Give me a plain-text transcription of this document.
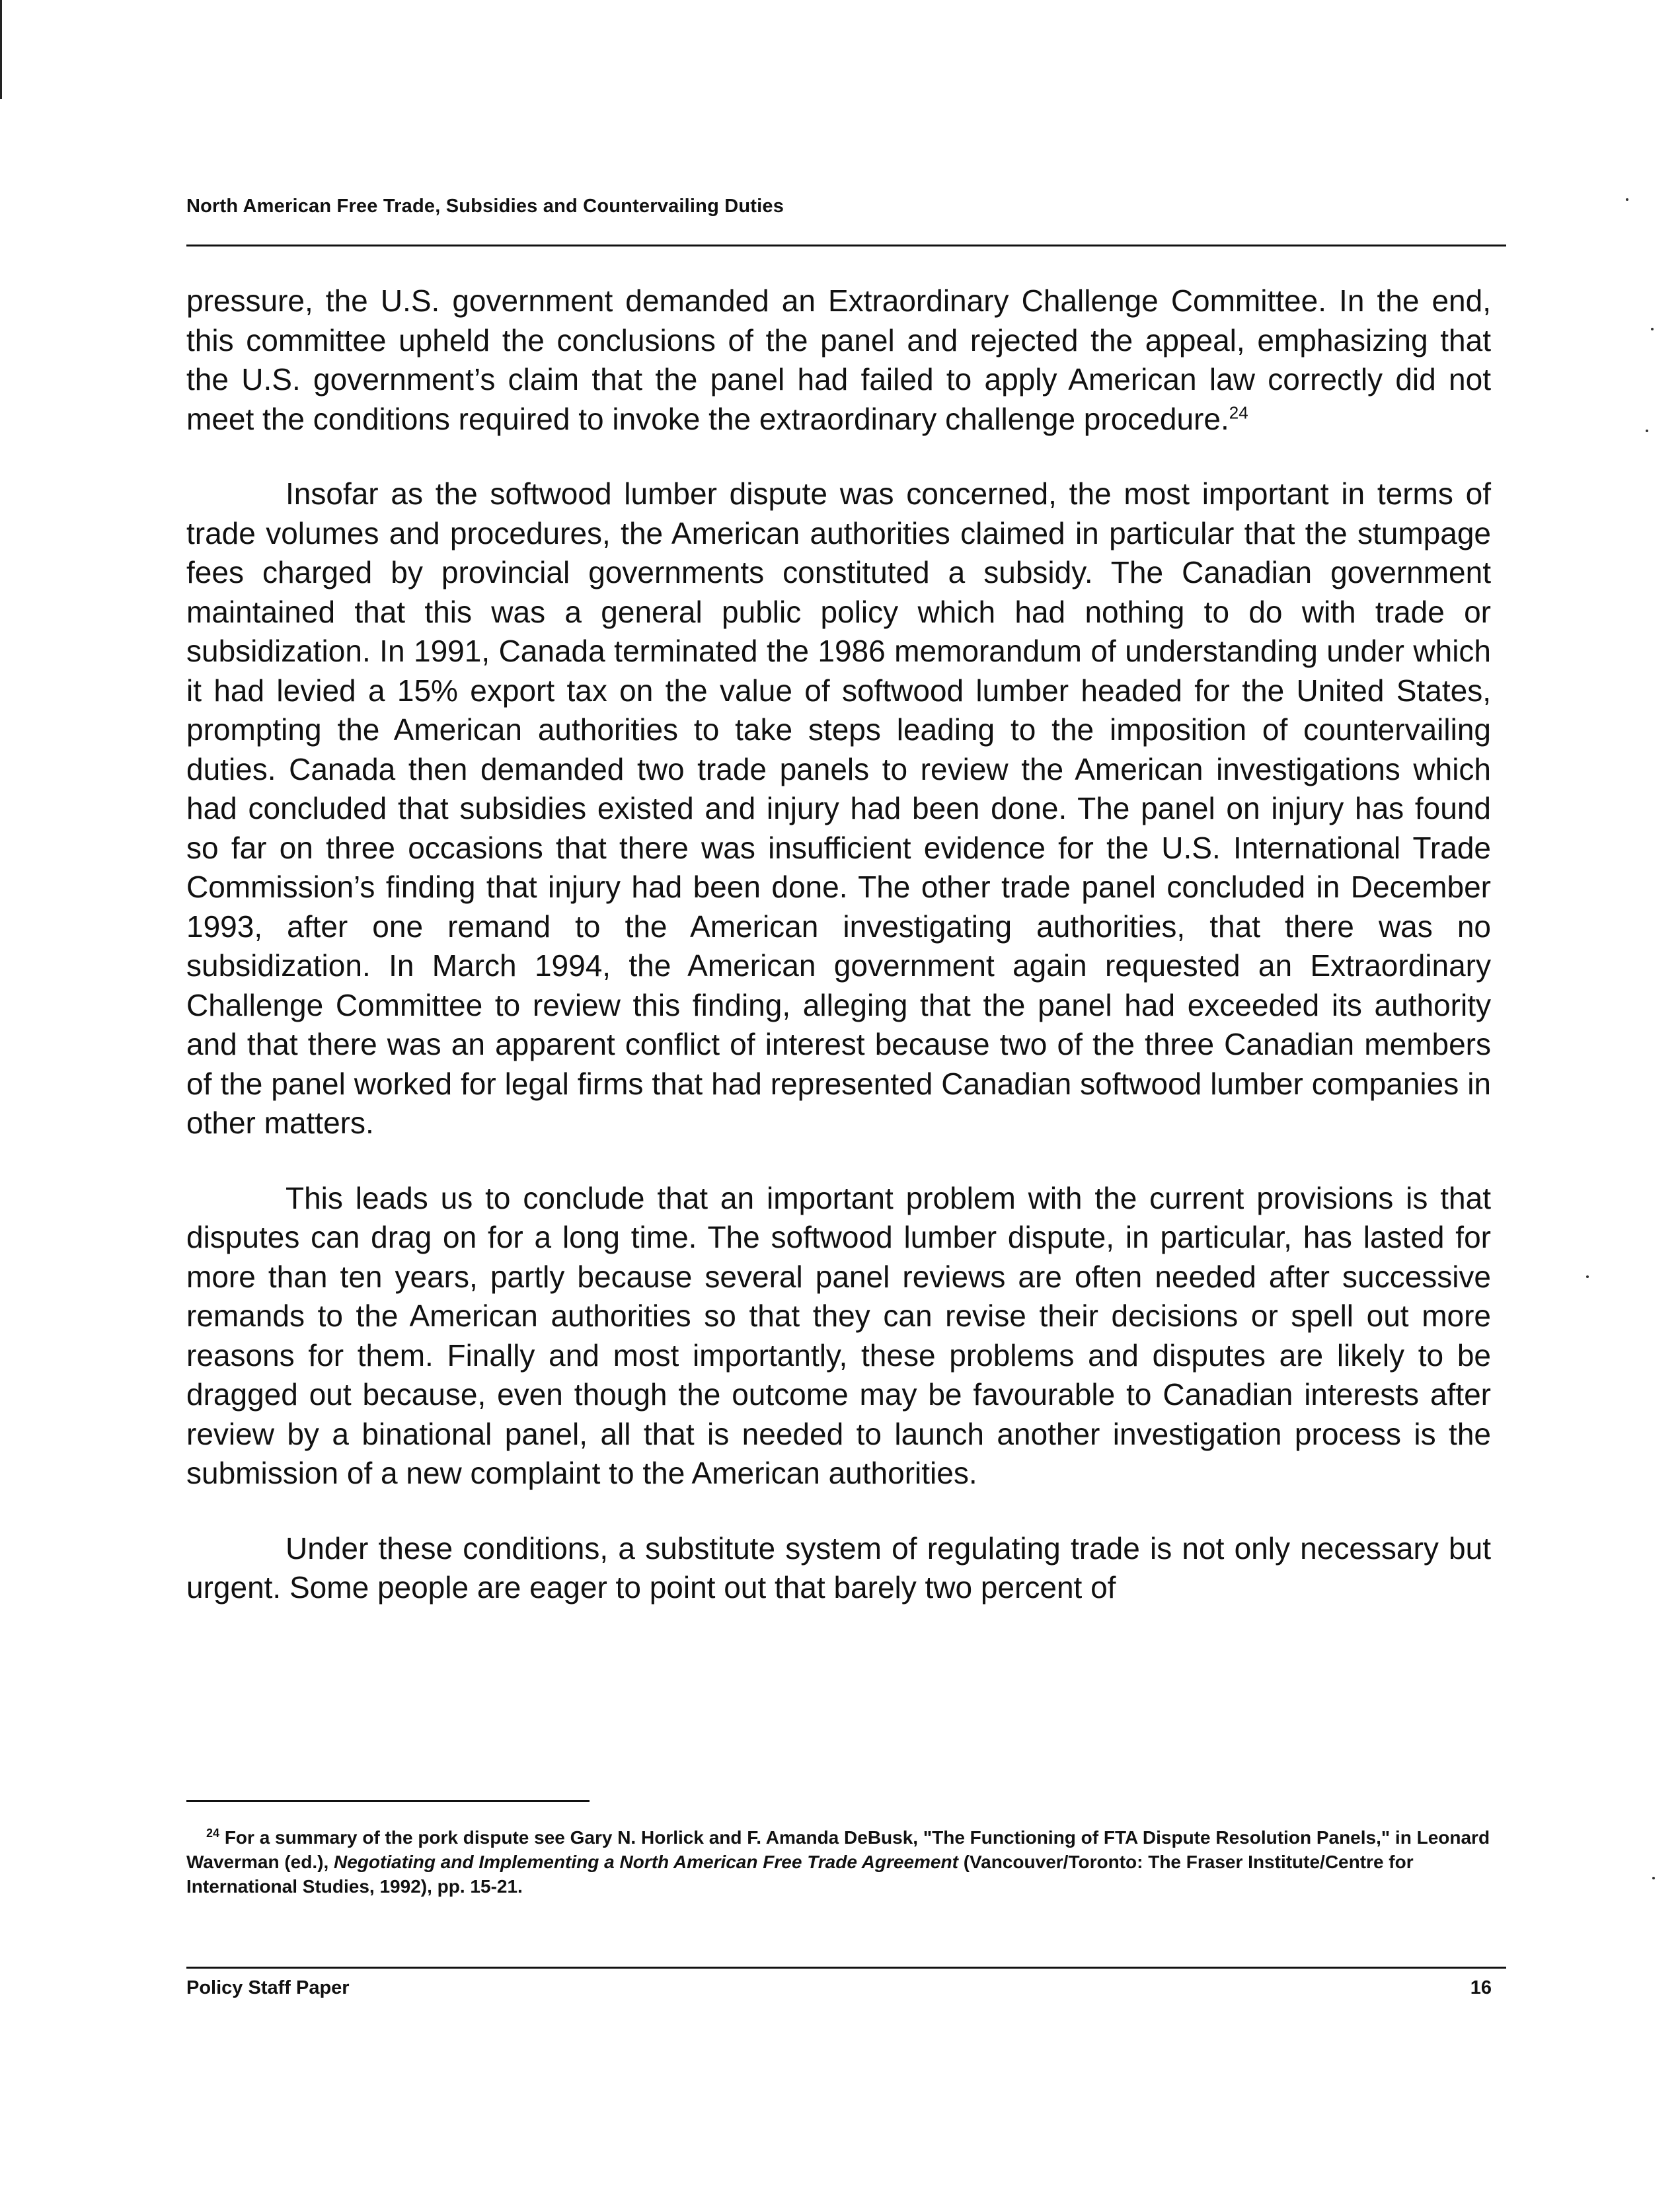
North American Free Trade, Subsidies and Countervailing Duties

pressure, the U.S. government demanded an Extraordinary Challenge Committee. In the end, this committee upheld the conclusions of the panel and rejected the appeal, emphasizing that the U.S. government’s claim that the panel had failed to apply American law correctly did not meet the conditions required to invoke the extraordinary challenge procedure.$^{24}$

Insofar as the softwood lumber dispute was concerned, the most important in terms of trade volumes and procedures, the American authorities claimed in particular that the stumpage fees charged by provincial governments constituted a subsidy. The Canadian government maintained that this was a general public policy which had nothing to do with trade or subsidization. In 1991, Canada terminated the 1986 memorandum of understanding under which it had levied a 15% export tax on the value of softwood lumber headed for the United States, prompting the American authorities to take steps leading to the imposition of countervailing duties. Canada then demanded two trade panels to review the American investigations which had concluded that subsidies existed and injury had been done. The panel on injury has found so far on three occasions that there was insufficient evidence for the U.S. International Trade Commission’s finding that injury had been done. The other trade panel concluded in December 1993, after one remand to the American investigating authorities, that there was no subsidization. In March 1994, the American government again requested an Extraordinary Challenge Committee to review this finding, alleging that the panel had exceeded its authority and that there was an apparent conflict of interest because two of the three Canadian members of the panel worked for legal firms that had represented Canadian softwood lumber companies in other matters.

This leads us to conclude that an important problem with the current provisions is that disputes can drag on for a long time. The softwood lumber dispute, in particular, has lasted for more than ten years, partly because several panel reviews are often needed after successive remands to the American authorities so that they can revise their decisions or spell out more reasons for them. Finally and most importantly, these problems and disputes are likely to be dragged out because, even though the outcome may be favourable to Canadian interests after review by a binational panel, all that is needed to launch another investigation process is the submission of a new complaint to the American authorities.

Under these conditions, a substitute system of regulating trade is not only necessary but urgent. Some people are eager to point out that barely two percent of

$^{24}$ For a summary of the pork dispute see Gary N. Horlick and F. Amanda DeBusk, "The Functioning of FTA Dispute Resolution Panels," in Leonard Waverman (ed.), Negotiating and Implementing a North American Free Trade Agreement (Vancouver/Toronto: The Fraser Institute/Centre for International Studies, 1992), pp. 15-21.
Policy Staff Paper	16
